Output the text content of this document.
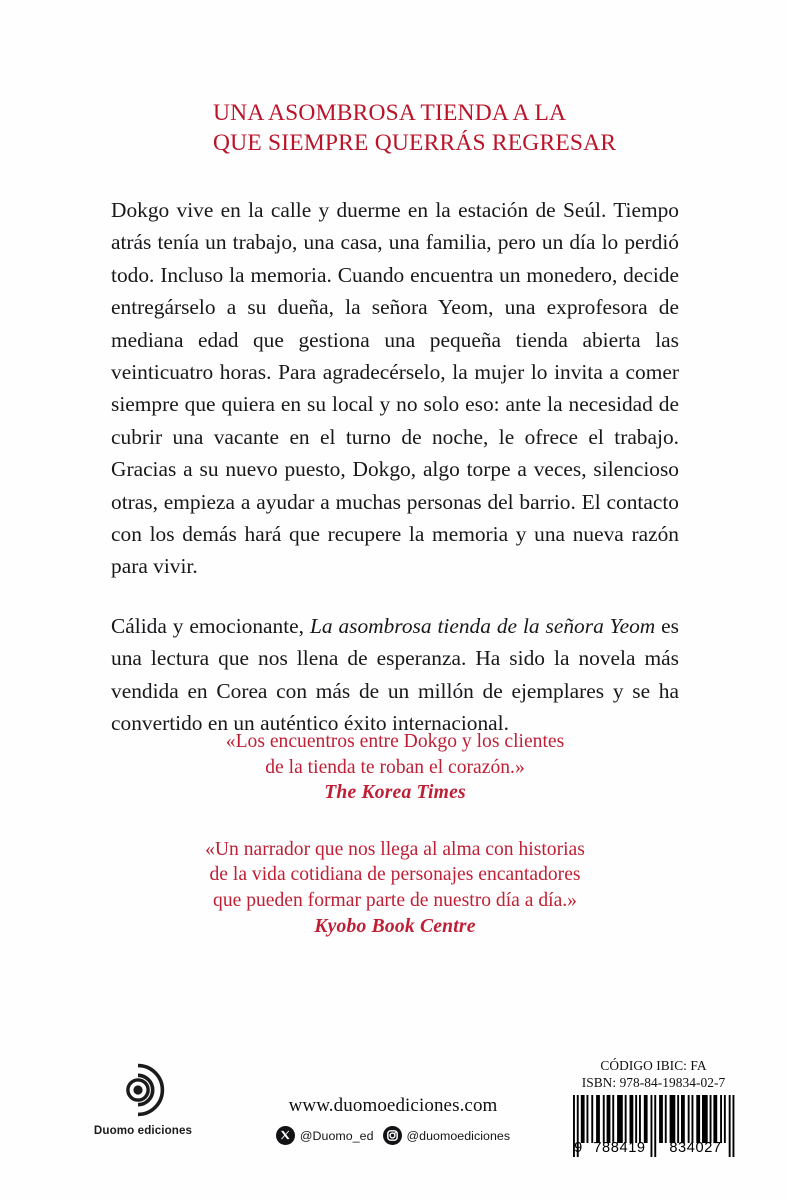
UNA ASOMBROSA TIENDA A LA
QUE SIEMPRE QUERRÁS REGRESAR

Dokgo vive en la calle y duerme en la estación de Seúl. Tiempo atrás tenía un trabajo, una casa, una familia, pero un día lo perdió todo. Incluso la memoria. Cuando encuentra un monedero, decide entregárselo a su dueña, la señora Yeom, una exprofesora de mediana edad que gestiona una pequeña tienda abierta las veinticuatro horas. Para agradecérselo, la mujer lo invita a comer siempre que quiera en su local y no solo eso: ante la necesidad de cubrir una vacante en el turno de noche, le ofrece el trabajo. Gracias a su nuevo puesto, Dokgo, algo torpe a veces, silencioso otras, empieza a ayudar a muchas personas del barrio. El contacto con los demás hará que recupere la memoria y una nueva razón para vivir.

Cálida y emocionante, La asombrosa tienda de la señora Yeom es una lectura que nos llena de esperanza. Ha sido la novela más vendida en Corea con más de un millón de ejemplares y se ha convertido en un auténtico éxito internacional.

«Los encuentros entre Dokgo y los clientes
de la tienda te roban el corazón.»
The Korea Times
«Un narrador que nos llega al alma con historias
de la vida cotidiana de personajes encantadores
que pueden formar parte de nuestro día a día.»
Kyobo Book Centre
Duomo ediciones
www.duomoediciones.com
@Duomo_ed	@duomoediciones
CÓDIGO IBIC: FA
ISBN: 978-84-19834-02-7
9 788419	834027
